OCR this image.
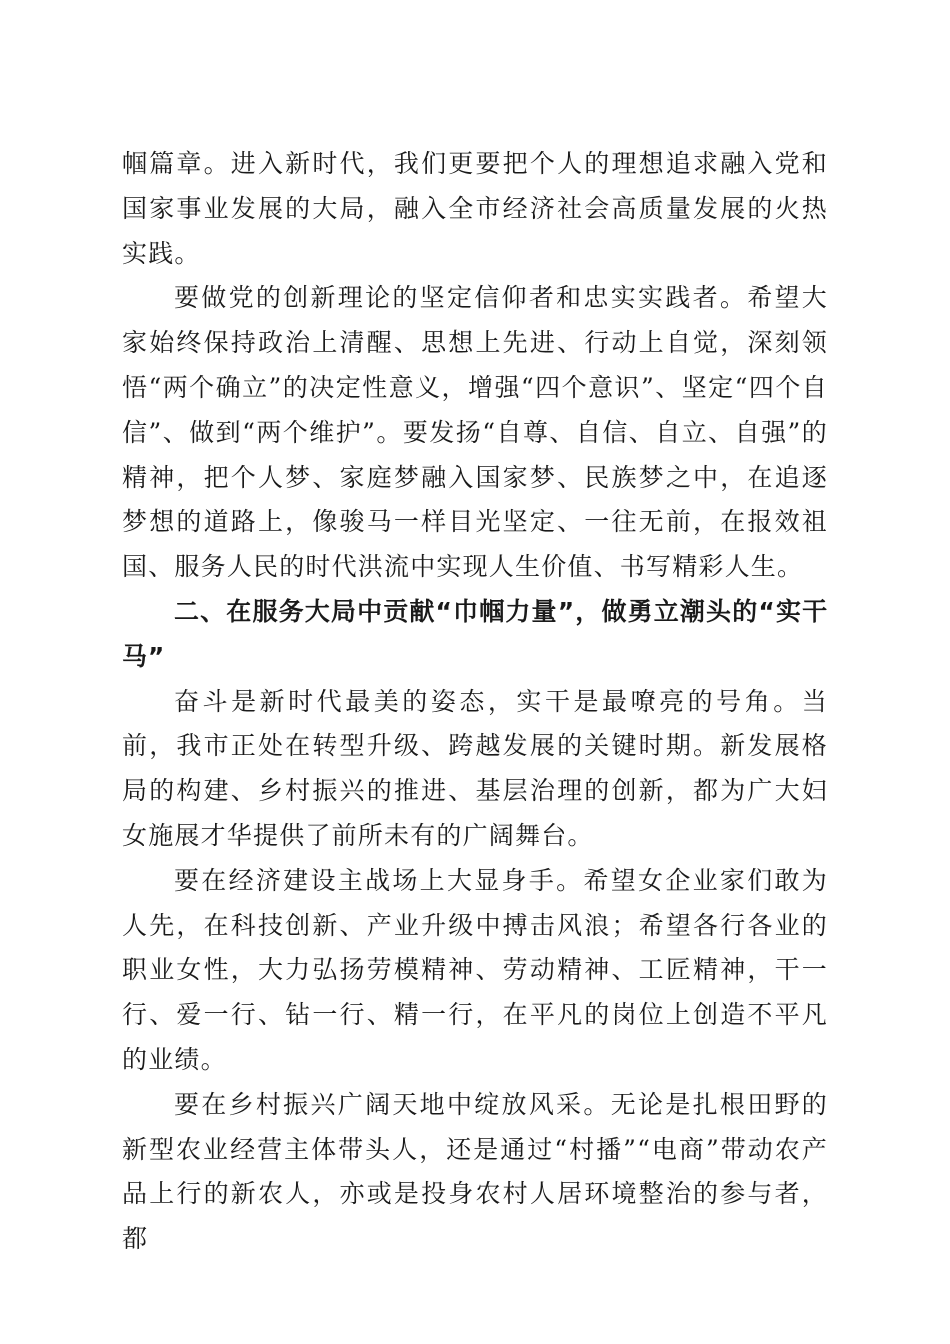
帼篇章。进入新时代，我们更要把个人的理想追求融入党和国家事业发展的大局，融入全市经济社会高质量发展的火热实践。

要做党的创新理论的坚定信仰者和忠实实践者。希望大家始终保持政治上清醒、思想上先进、行动上自觉，深刻领悟“两个确立”的决定性意义，增强“四个意识”、坚定“四个自信”、做到“两个维护”。要发扬“自尊、自信、自立、自强”的精神，把个人梦、家庭梦融入国家梦、民族梦之中，在追逐梦想的道路上，像骏马一样目光坚定、一往无前，在报效祖国、服务人民的时代洪流中实现人生价值、书写精彩人生。

二、在服务大局中贡献“巾帼力量”，做勇立潮头的“实干马”

奋斗是新时代最美的姿态，实干是最嘹亮的号角。当前，我市正处在转型升级、跨越发展的关键时期。新发展格局的构建、乡村振兴的推进、基层治理的创新，都为广大妇女施展才华提供了前所未有的广阔舞台。

要在经济建设主战场上大显身手。希望女企业家们敢为人先，在科技创新、产业升级中搏击风浪；希望各行各业的职业女性，大力弘扬劳模精神、劳动精神、工匠精神，干一行、爱一行、钻一行、精一行，在平凡的岗位上创造不平凡的业绩。

要在乡村振兴广阔天地中绽放风采。无论是扎根田野的新型农业经营主体带头人，还是通过“村播”“电商”带动农产品上行的新农人，亦或是投身农村人居环境整治的参与者，都
